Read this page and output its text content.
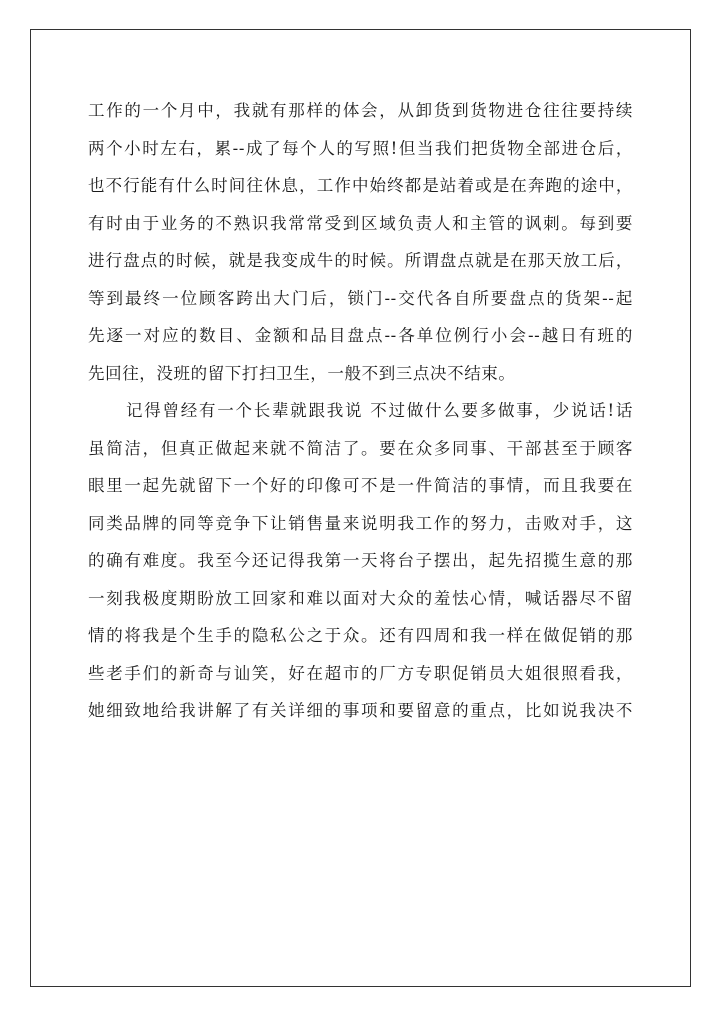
工作的一个月中，我就有那样的体会，从卸货到货物进仓往往要持续
两个小时左右，累--成了每个人的写照!但当我们把货物全部进仓后，
也不行能有什么时间往休息，工作中始终都是站着或是在奔跑的途中，
有时由于业务的不熟识我常常受到区域负责人和主管的讽刺。每到要
进行盘点的时候，就是我变成牛的时候。所谓盘点就是在那天放工后，
等到最终一位顾客跨出大门后，锁门--交代各自所要盘点的货架--起
先逐一对应的数目、金额和品目盘点--各单位例行小会--越日有班的
先回往，没班的留下打扫卫生，一般不到三点决不结束。
记得曾经有一个长辈就跟我说 不过做什么要多做事，少说话!话
虽简洁，但真正做起来就不简洁了。要在众多同事、干部甚至于顾客
眼里一起先就留下一个好的印像可不是一件简洁的事情，而且我要在
同类品牌的同等竞争下让销售量来说明我工作的努力，击败对手，这
的确有难度。我至今还记得我第一天将台子摆出，起先招揽生意的那
一刻我极度期盼放工回家和难以面对大众的羞怯心情，喊话器尽不留
情的将我是个生手的隐私公之于众。还有四周和我一样在做促销的那
些老手们的新奇与讪笑，好在超市的厂方专职促销员大姐很照看我，
她细致地给我讲解了有关详细的事项和要留意的重点，比如说我决不
